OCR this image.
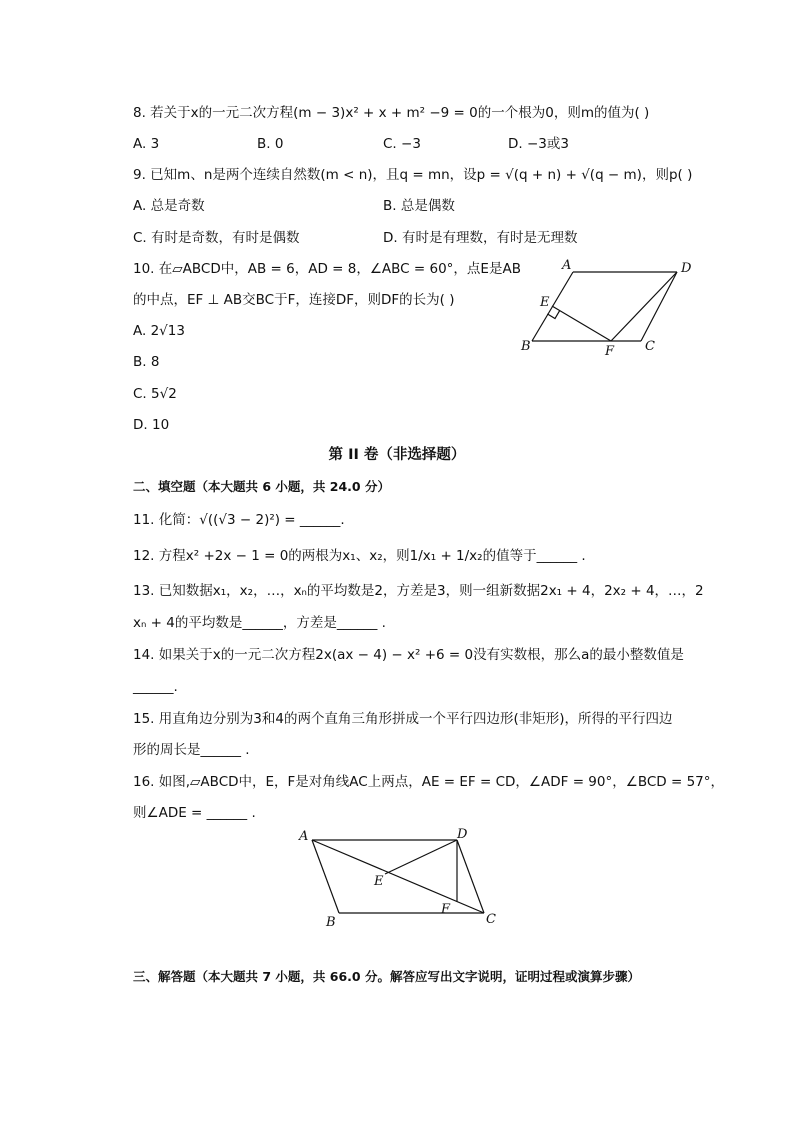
8. 若关于x的一元二次方程(m − 3)x² + x + m² −9 = 0的一个根为0，则m的值为( )
A. 3	B. 0	C. −3	D. −3或3
9. 已知m、n是两个连续自然数(m < n)，且q = mn，设p = √(q + n) + √(q − m)，则p( )
A. 总是奇数	B. 总是偶数
C. 有时是奇数，有时是偶数	D. 有时是有理数，有时是无理数
10. 在▱ABCD中，AB = 6，AD = 8，∠ABC = 60°，点E是AB
的中点，EF ⊥ AB交BC于F，连接DF，则DF的长为( )
A. 2√13
B. 8
C. 5√2
D. 10
A	D
E
B	F C
第 II 卷（非选择题）
二、填空题（本大题共 6 小题，共 24.0 分）
11. 化简：√((√3 − 2)²) = ______.
12. 方程x² +2x − 1 = 0的两根为x₁、x₂，则1/x₁ + 1/x₂的值等于______ .
13. 已知数据x₁，x₂，…，xₙ的平均数是2，方差是3，则一组新数据2x₁ + 4，2x₂ + 4，…，2
xₙ + 4的平均数是______，方差是______ .
14. 如果关于x的一元二次方程2x(ax − 4) − x² +6 = 0没有实数根，那么a的最小整数值是
______.
15. 用直角边分别为3和4的两个直角三角形拼成一个平行四边形(非矩形)，所得的平行四边
形的周长是______ .
16. 如图,▱ABCD中，E，F是对角线AC上两点，AE = EF = CD，∠ADF = 90°，∠BCD = 57°，
则∠ADE = ______ .
A	D
E
F
B	C
三、解答题（本大题共 7 小题，共 66.0 分。解答应写出文字说明，证明过程或演算步骤）
